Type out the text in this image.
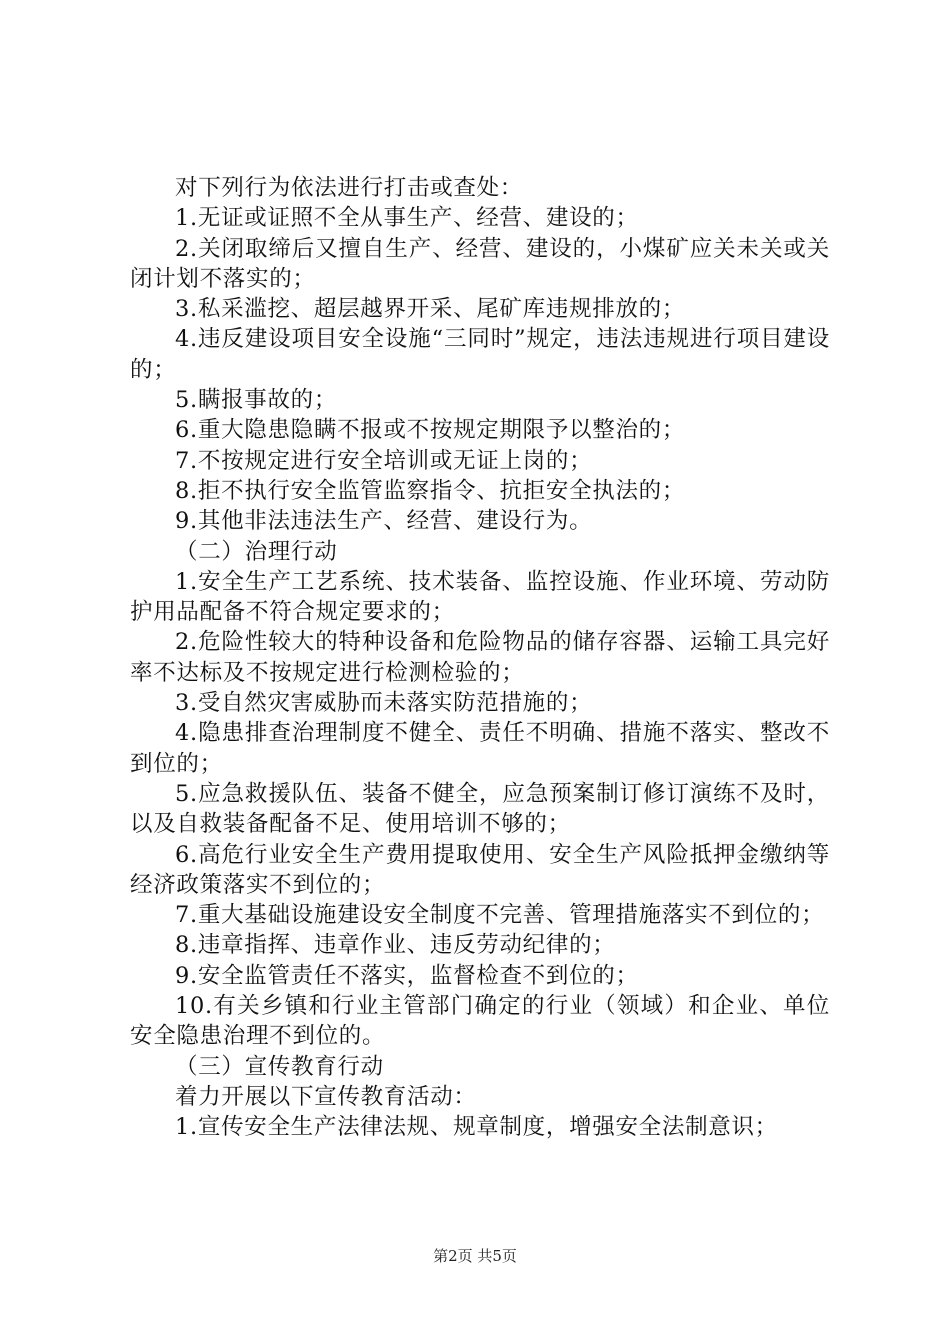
对下列行为依法进行打击或查处：

1.无证或证照不全从事生产、经营、建设的；

2.关闭取缔后又擅自生产、经营、建设的，小煤矿应关未关或关闭计划不落实的；

3.私采滥挖、超层越界开采、尾矿库违规排放的；

4.违反建设项目安全设施“三同时”规定，违法违规进行项目建设的；

5.瞒报事故的；

6.重大隐患隐瞒不报或不按规定期限予以整治的；

7.不按规定进行安全培训或无证上岗的；

8.拒不执行安全监管监察指令、抗拒安全执法的；

9.其他非法违法生产、经营、建设行为。

（二）治理行动

1.安全生产工艺系统、技术装备、监控设施、作业环境、劳动防护用品配备不符合规定要求的；

2.危险性较大的特种设备和危险物品的储存容器、运输工具完好率不达标及不按规定进行检测检验的；

3.受自然灾害威胁而未落实防范措施的；

4.隐患排查治理制度不健全、责任不明确、措施不落实、整改不到位的；

5.应急救援队伍、装备不健全，应急预案制订修订演练不及时，以及自救装备配备不足、使用培训不够的；

6.高危行业安全生产费用提取使用、安全生产风险抵押金缴纳等经济政策落实不到位的；

7.重大基础设施建设安全制度不完善、管理措施落实不到位的；

8.违章指挥、违章作业、违反劳动纪律的；

9.安全监管责任不落实，监督检查不到位的；

10.有关乡镇和行业主管部门确定的行业（领域）和企业、单位安全隐患治理不到位的。

（三）宣传教育行动

着力开展以下宣传教育活动：

1.宣传安全生产法律法规、规章制度，增强安全法制意识；

第2页 共5页
